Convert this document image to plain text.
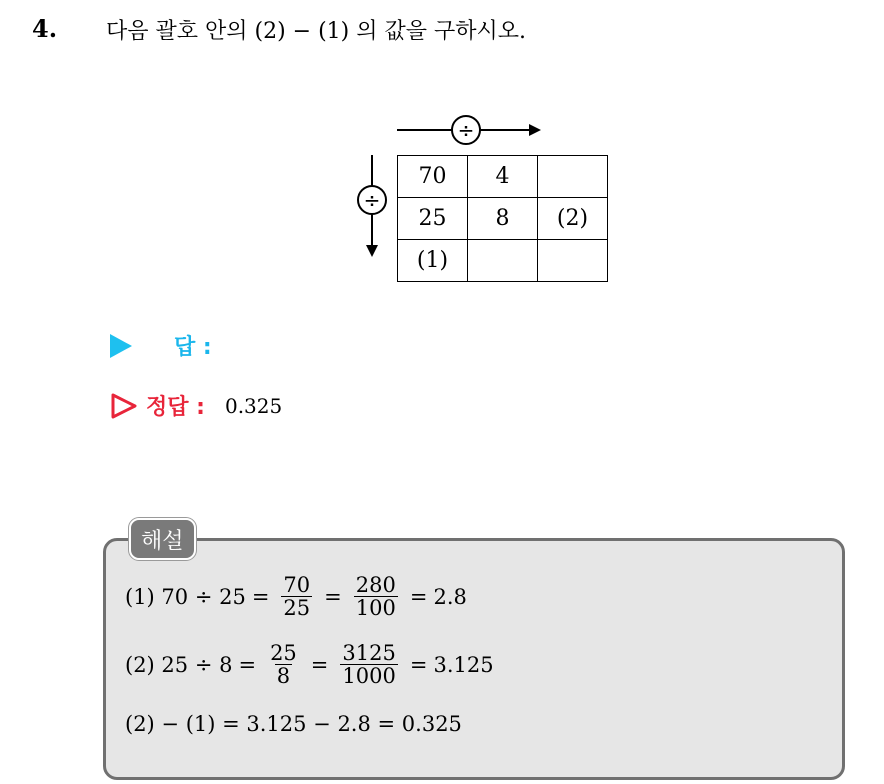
4. 다음 괄호 안의 (2) − (1) 의 값을 구하시오.
÷
÷
70	4	
25	8	(2)
(1)		
답 :
정답 : 0.325
해설
(1) $70 \div 25 = \frac{70}{25} = \frac{280}{100} = 2.8$
(2) $25 \div 8 = \frac{25}{8} = \frac{3125}{1000} = 3.125$
(2) − (1) = 3.125 − 2.8 = 0.325
